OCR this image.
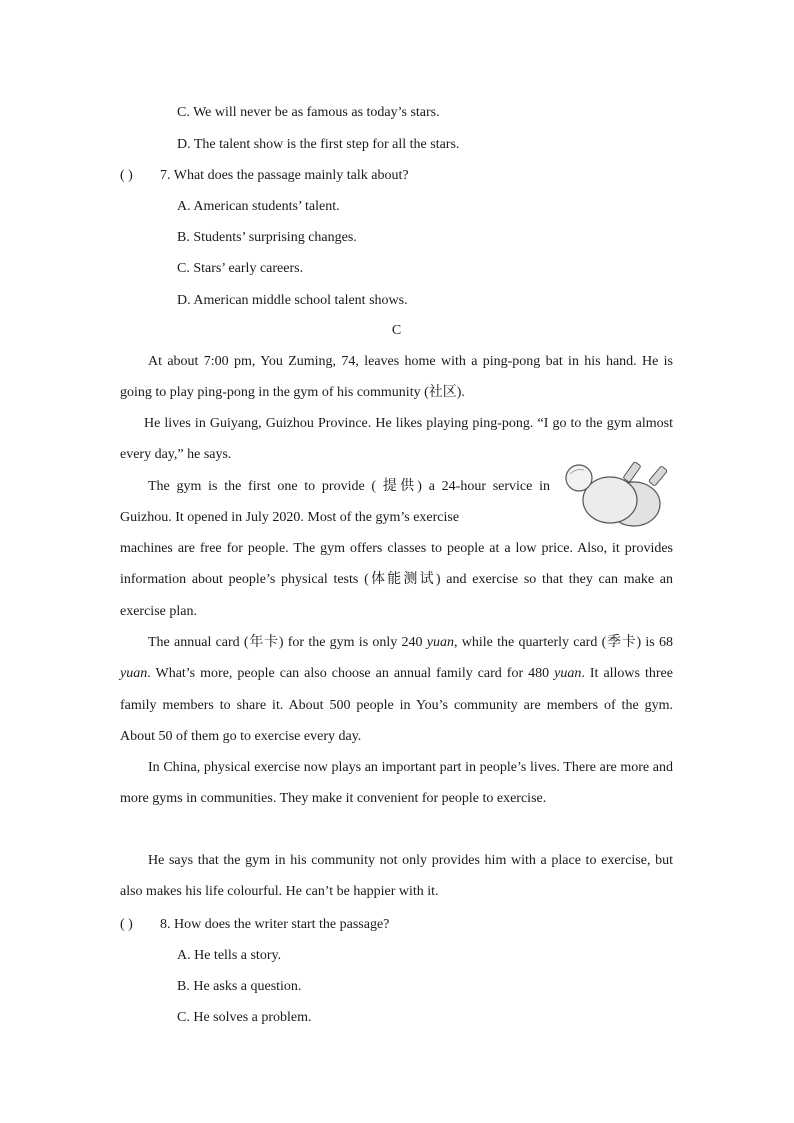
C. We will never be as famous as today’s stars.
D. The talent show is the first step for all the stars.
( ) 7. What does the passage mainly talk about?
A. American students’ talent.
B. Students’ surprising changes.
C. Stars’ early careers.
D. American middle school talent shows.
C

At about 7:00 pm, You Zuming, 74, leaves home with a ping-pong bat in his hand. He is going to play ping-pong in the gym of his community (社区).

He lives in Guiyang, Guizhou Province. He likes playing ping-pong. “I go to the gym almost every day,” he says.

The gym is the first one to provide ( 提供) a 24-hour service in Guizhou. It opened in July 2020. Most of the gym’s exercise

machines are free for people. The gym offers classes to people at a low price. Also, it provides information about people’s physical tests (体能测试) and exercise so that they can make an exercise plan.

The annual card (年卡) for the gym is only 240 yuan, while the quarterly card (季卡) is 68 yuan. What’s more, people can also choose an annual family card for 480 yuan. It allows three family members to share it. About 500 people in You’s community are members of the gym. About 50 of them go to exercise every day.

In China, physical exercise now plays an important part in people’s lives. There are more and more gyms in communities. They make it convenient for people to exercise.

He says that the gym in his community not only provides him with a place to exercise, but also makes his life colourful. He can’t be happier with it.

( ) 8. How does the writer start the passage?
A. He tells a story.
B. He asks a question.
C. He solves a problem.
